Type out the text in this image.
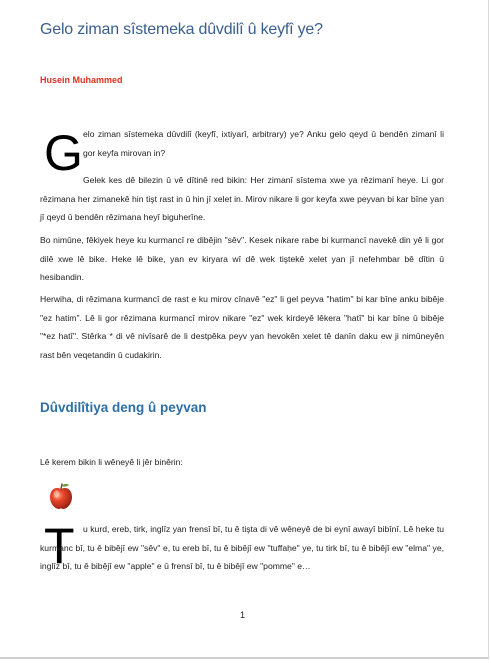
Gelo ziman sîstemeka dûvdilî û keyfî ye?
Husein Muhammed
G elo ziman sîstemeka dûvdilî (keyfî, ixtiyarî, arbitrary) ye? Anku gelo qeyd û bendên zimanî li gor keyfa mirovan in?

Gelek kes dê bilezin û vê dîtinê red bikin: Her zimanî sîstema xwe ya rêzimanî heye. Li gor rêzimana her zimanekê hin tişt rast in û hin jî xelet in. Mirov nikare li gor keyfa xwe peyvan bi kar bîne yan jî qeyd û bendên rêzimana heyî biguherîne.

Bo nimûne, fêkiyek heye ku kurmancî re dibêjin "sêv". Kesek nikare rabe bi kurmancî navekê din yê li gor dilê xwe lê bike. Heke lê bike, yan ev kiryara wî dê wek tiştekê xelet yan jî nefehmbar bê dîtin û hesibandin.

Herwiha, di rêzimana kurmancî de rast e ku mirov cînavê "ez" li gel peyva "hatim" bi kar bîne anku bibêje "ez hatim". Lê li gor rêzimana kurmancî mirov nikare "ez" wek kirdeyê lêkera "hatî" bi kar bîne û bibêje "*ez hatî". Stêrka * di vê nivîsarê de li destpêka peyv yan hevokên xelet tê danîn daku ew ji nimûneyên rast bên veqetandin û cudakirin.

Dûvdilîtiya deng û peyvan

Lê kerem bikin li wêneyê li jêr binêrin:

T u kurd, ereb, tirk, inglîz yan frensî bî, tu ê tişta di vê wêneyê de bi eynî awayî bibînî. Lê heke tu kurmanc bî, tu ê bibêjî ew "sêv" e, tu ereb bî, tu ê bibêjî ew "tuffaḥe" ye, tu tirk bî, tu ê bibêjî ew "elma" ye, inglîz bî, tu ê bibêjî ew "apple" e û frensî bî, tu ê bibêjî ew "pomme" e…

1
